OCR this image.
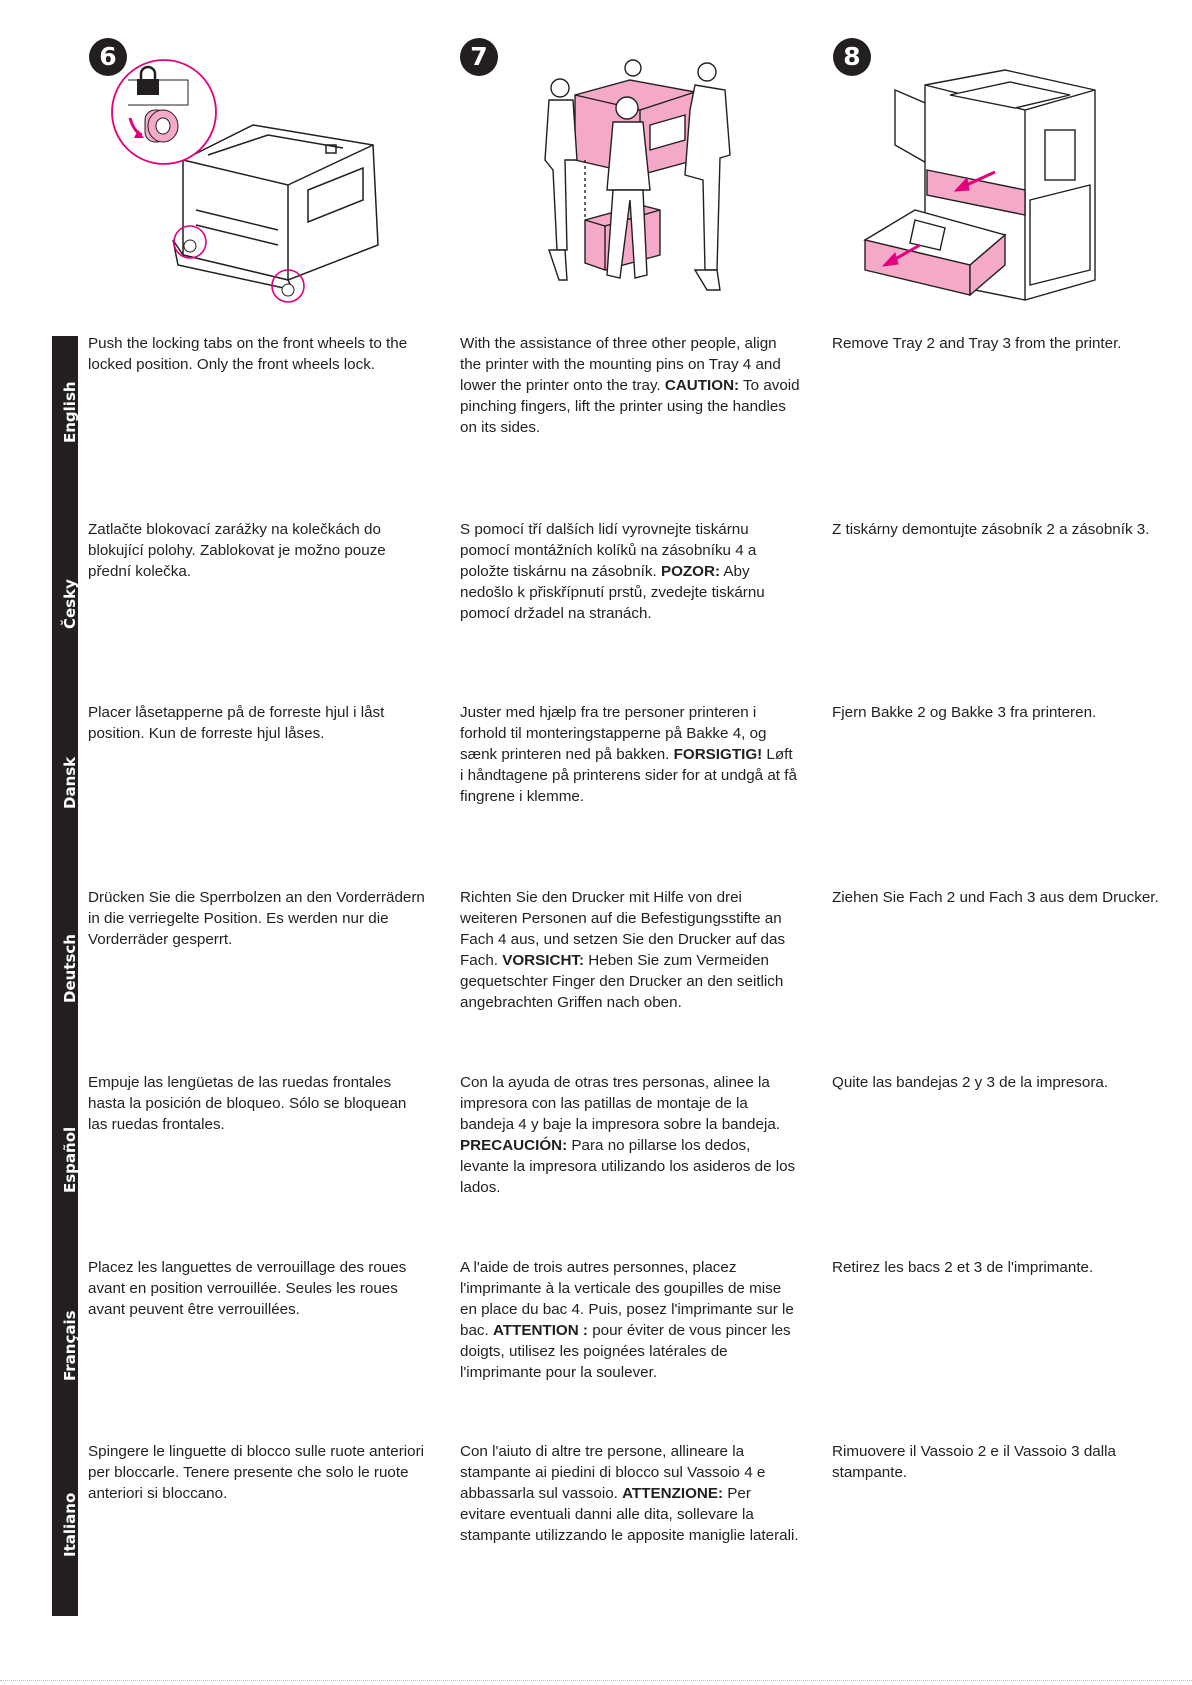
6	7	8
English
Česky
Dansk
Deutsch
Español
Français
Italiano
Push the locking tabs on the front wheels to the locked position. Only the front wheels lock.
With the assistance of three other people, align the printer with the mounting pins on Tray 4 and lower the printer onto the tray. CAUTION: To avoid pinching fingers, lift the printer using the handles on its sides.
Remove Tray 2 and Tray 3 from the printer.
Zatlačte blokovací zarážky na kolečkách do blokující polohy. Zablokovat je možno pouze přední kolečka.
S pomocí tří dalších lidí vyrovnejte tiskárnu pomocí montážních kolíků na zásobníku 4 a položte tiskárnu na zásobník. POZOR: Aby nedošlo k přiskřípnutí prstů, zvedejte tiskárnu pomocí držadel na stranách.
Z tiskárny demontujte zásobník 2 a zásobník 3.
Placer låsetapperne på de forreste hjul i låst position. Kun de forreste hjul låses.
Juster med hjælp fra tre personer printeren i forhold til monteringstapperne på Bakke 4, og sænk printeren ned på bakken. FORSIGTIG! Løft i håndtagene på printerens sider for at undgå at få fingrene i klemme.
Fjern Bakke 2 og Bakke 3 fra printeren.
Drücken Sie die Sperrbolzen an den Vorderrädern in die verriegelte Position. Es werden nur die Vorderräder gesperrt.
Richten Sie den Drucker mit Hilfe von drei weiteren Personen auf die Befestigungsstifte an Fach 4 aus, und setzen Sie den Drucker auf das Fach. VORSICHT: Heben Sie zum Vermeiden gequetschter Finger den Drucker an den seitlich angebrachten Griffen nach oben.
Ziehen Sie Fach 2 und Fach 3 aus dem Drucker.
Empuje las lengüetas de las ruedas frontales hasta la posición de bloqueo. Sólo se bloquean las ruedas frontales.
Con la ayuda de otras tres personas, alinee la impresora con las patillas de montaje de la bandeja 4 y baje la impresora sobre la bandeja. PRECAUCIÓN: Para no pillarse los dedos, levante la impresora utilizando los asideros de los lados.
Quite las bandejas 2 y 3 de la impresora.
Placez les languettes de verrouillage des roues avant en position verrouillée. Seules les roues avant peuvent être verrouillées.
A l'aide de trois autres personnes, placez l'imprimante à la verticale des goupilles de mise en place du bac 4. Puis, posez l'imprimante sur le bac. ATTENTION : pour éviter de vous pincer les doigts, utilisez les poignées latérales de l'imprimante pour la soulever.
Retirez les bacs 2 et 3 de l'imprimante.
Spingere le linguette di blocco sulle ruote anteriori per bloccarle. Tenere presente che solo le ruote anteriori si bloccano.
Con l'aiuto di altre tre persone, allineare la stampante ai piedini di blocco sul Vassoio 4 e abbassarla sul vassoio. ATTENZIONE: Per evitare eventuali danni alle dita, sollevare la stampante utilizzando le apposite maniglie laterali.
Rimuovere il Vassoio 2 e il Vassoio 3 dalla stampante.
